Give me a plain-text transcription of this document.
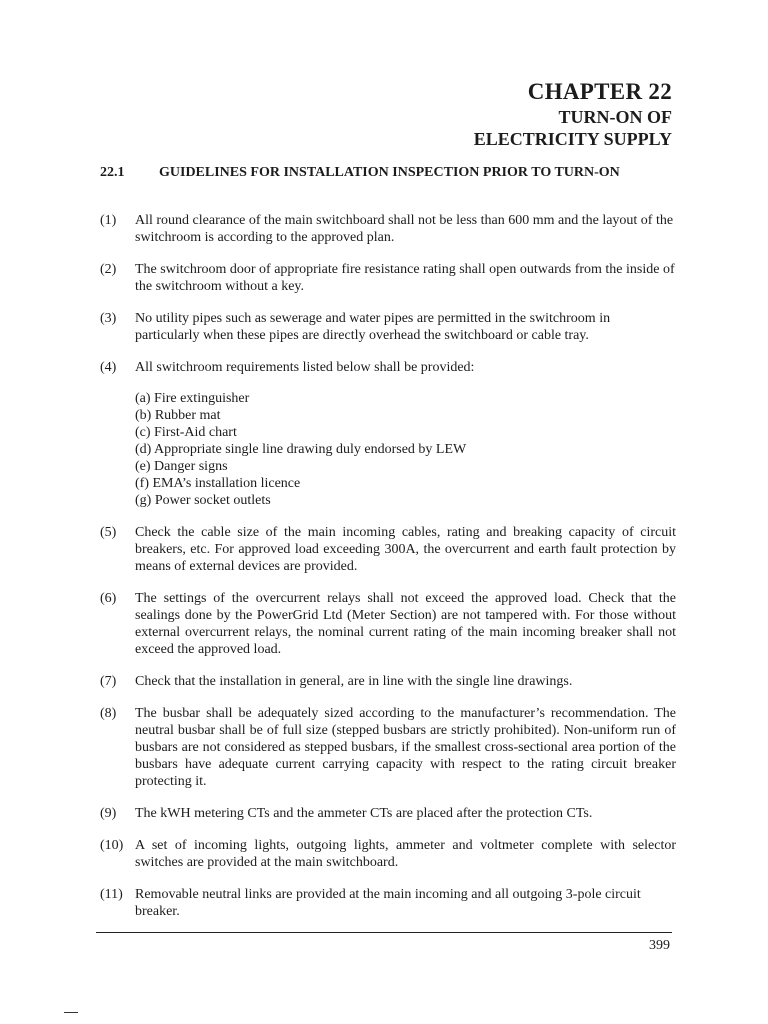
CHAPTER 22
TURN-ON OF
ELECTRICITY SUPPLY
22.1	GUIDELINES FOR INSTALLATION INSPECTION PRIOR TO TURN-ON
(1)	All round clearance of the main switchboard shall not be less than 600 mm and the layout of the switchroom is according to the approved plan.
(2)	The switchroom door of appropriate fire resistance rating shall open outwards from the inside of the switchroom without a key.
(3)	No utility pipes such as sewerage and water pipes are permitted in the switchroom in particularly when these pipes are directly overhead the switchboard or cable tray.
(4)	All switchroom requirements listed below shall be provided:
(a) Fire extinguisher
(b) Rubber mat
(c) First-Aid chart
(d) Appropriate single line drawing duly endorsed by LEW
(e) Danger signs
(f) EMA’s installation licence
(g) Power socket outlets
(5)	Check the cable size of the main incoming cables, rating and breaking capacity of circuit breakers, etc. For approved load exceeding 300A, the overcurrent and earth fault protection by means of external devices are provided.
(6)	The settings of the overcurrent relays shall not exceed the approved load. Check that the sealings done by the PowerGrid Ltd (Meter Section) are not tampered with. For those without external overcurrent relays, the nominal current rating of the main incoming breaker shall not exceed the approved load.
(7)	Check that the installation in general, are in line with the single line drawings.
(8)	The busbar shall be adequately sized according to the manufacturer’s recommendation. The neutral busbar shall be of full size (stepped busbars are strictly prohibited). Non-uniform run of busbars are not considered as stepped busbars, if the smallest cross-sectional area portion of the busbars have adequate current carrying capacity with respect to the rating circuit breaker protecting it.
(9)	The kWH metering CTs and the ammeter CTs are placed after the protection CTs.
(10) A set of incoming lights, outgoing lights, ammeter and voltmeter complete with selector switches are provided at the main switchboard.
(11) Removable neutral links are provided at the main incoming and all outgoing 3-pole circuit breaker.
399
